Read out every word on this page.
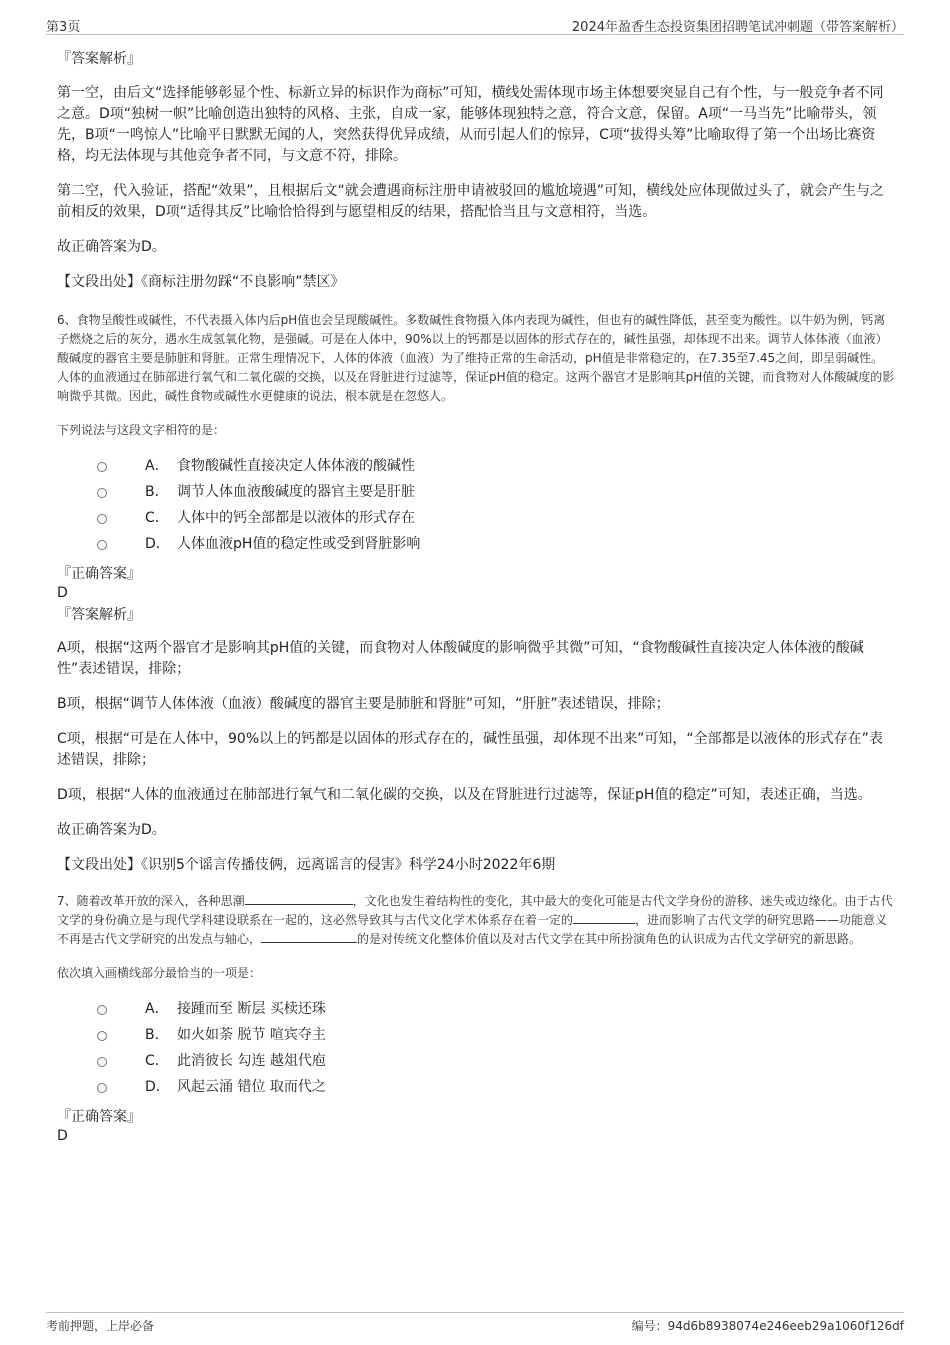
第3页	2024年盈香生态投资集团招聘笔试冲刺题（带答案解析）

『答案解析』

第一空，由后文“选择能够彰显个性、标新立异的标识作为商标”可知，横线处需体现市场主体想要突显自己有个性，与一般竞争者不同之意。D项“独树一帜”比喻创造出独特的风格、主张，自成一家，能够体现独特之意，符合文意，保留。A项“一马当先”比喻带头，领先，B项“一鸣惊人”比喻平日默默无闻的人，突然获得优异成绩，从而引起人们的惊异，C项“拔得头筹”比喻取得了第一个出场比赛资格，均无法体现与其他竞争者不同，与文意不符，排除。

第二空，代入验证，搭配“效果”，且根据后文“就会遭遇商标注册申请被驳回的尴尬境遇”可知，横线处应体现做过头了，就会产生与之前相反的效果，D项“适得其反”比喻恰恰得到与愿望相反的结果，搭配恰当且与文意相符，当选。

故正确答案为D。

【文段出处】《商标注册勿踩“不良影响”禁区》

6、食物呈酸性或碱性，不代表摄入体内后pH值也会呈现酸碱性。多数碱性食物摄入体内表现为碱性，但也有的碱性降低，甚至变为酸性。以牛奶为例，钙离子燃烧之后的灰分，遇水生成氢氧化物，是强碱。可是在人体中，90%以上的钙都是以固体的形式存在的，碱性虽强，却体现不出来。调节人体体液（血液）酸碱度的器官主要是肺脏和肾脏。正常生理情况下，人体的体液（血液）为了维持正常的生命活动，pH值是非常稳定的，在7.35至7.45之间，即呈弱碱性。人体的血液通过在肺部进行氧气和二氧化碳的交换，以及在肾脏进行过滤等，保证pH值的稳定。这两个器官才是影响其pH值的关键，而食物对人体酸碱度的影响微乎其微。因此，碱性食物或碱性水更健康的说法，根本就是在忽悠人。

下列说法与这段文字相符的是：

A． 食物酸碱性直接决定人体体液的酸碱性
B． 调节人体血液酸碱度的器官主要是肝脏
C． 人体中的钙全部都是以液体的形式存在
D． 人体血液pH值的稳定性或受到肾脏影响

『正确答案』

D

『答案解析』

A项，根据“这两个器官才是影响其pH值的关键，而食物对人体酸碱度的影响微乎其微”可知，“食物酸碱性直接决定人体体液的酸碱性”表述错误，排除；

B项，根据“调节人体体液（血液）酸碱度的器官主要是肺脏和肾脏”可知，“肝脏”表述错误，排除；

C项，根据“可是在人体中，90%以上的钙都是以固体的形式存在的，碱性虽强，却体现不出来”可知，“全部都是以液体的形式存在”表述错误，排除；

D项，根据“人体的血液通过在肺部进行氧气和二氧化碳的交换，以及在肾脏进行过滤等，保证pH值的稳定”可知，表述正确，当选。

故正确答案为D。

【文段出处】《识别5个谣言传播伎俩，远离谣言的侵害》科学24小时2022年6期

7、随着改革开放的深入，各种思潮	，文化也发生着结构性的变化，其中最大的变化可能是古代文学身份的游移、迷失或边缘化。由于古代文学的身份确立是与现代学科建设联系在一起的，这必然导致其与古代文化学术体系存在着一定的	，进而影响了古代文学的研究思路——功能意义不再是古代文学研究的出发点与轴心，	的是对传统文化整体价值以及对古代文学在其中所扮演角色的认识成为古代文学研究的新思路。

依次填入画横线部分最恰当的一项是：

A． 接踵而至 断层 买椟还珠
B． 如火如荼 脱节 喧宾夺主
C． 此消彼长 勾连 越俎代庖
D． 风起云涌 错位 取而代之

『正确答案』

D

考前押题，上岸必备	编号：94d6b8938074e246eeb29a1060f126df
